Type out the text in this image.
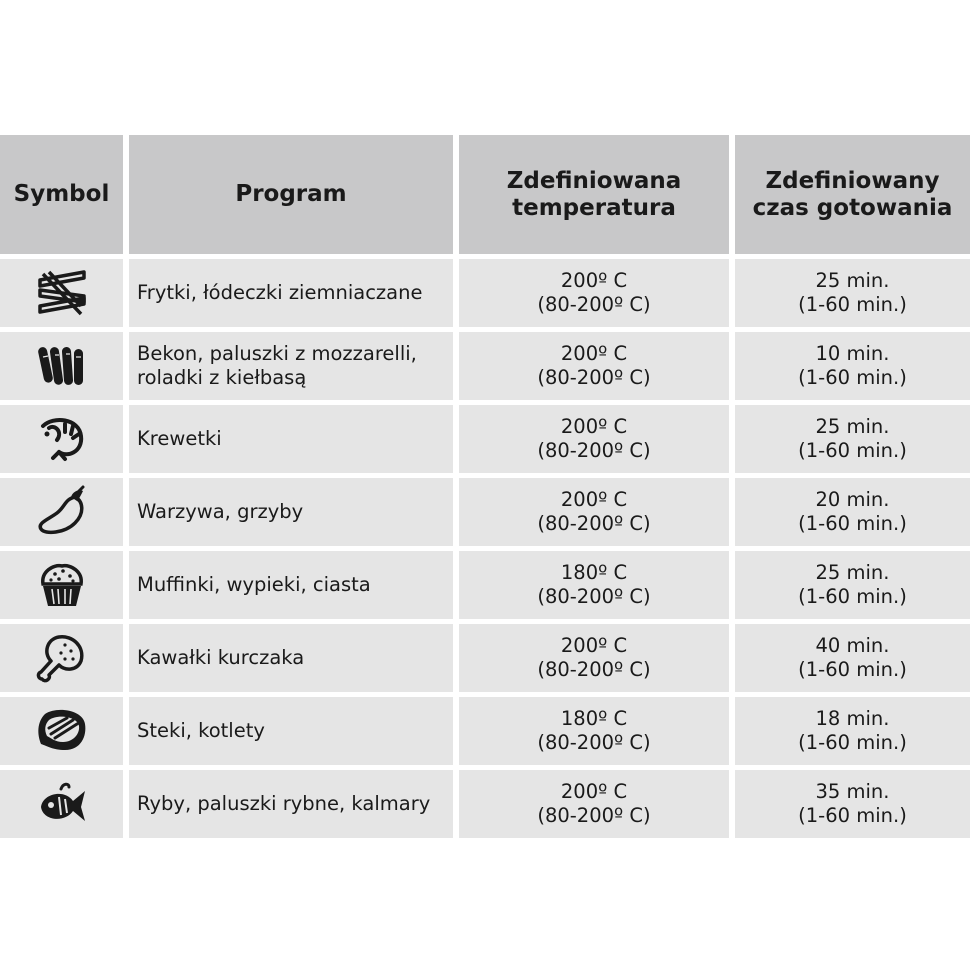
Symbol	Program
Zdefiniowana
temperatura
Zdefiniowany
czas gotowania
Frytki, łódeczki ziemniaczane
200º C
(80-200º C)
25 min.
(1-60 min.)
Bekon, paluszki z mozzarelli,
roladki z kiełbasą
200º C
(80-200º C)
10 min.
(1-60 min.)
Krewetki
200º C
(80-200º C)
25 min.
(1-60 min.)
Warzywa, grzyby
200º C
(80-200º C)
20 min.
(1-60 min.)
Muffinki, wypieki, ciasta
180º C
(80-200º C)
25 min.
(1-60 min.)
Kawałki kurczaka
200º C
(80-200º C)
40 min.
(1-60 min.)
Steki, kotlety
180º C
(80-200º C)
18 min.
(1-60 min.)
Ryby, paluszki rybne, kalmary
200º C
(80-200º C)
35 min.
(1-60 min.)
